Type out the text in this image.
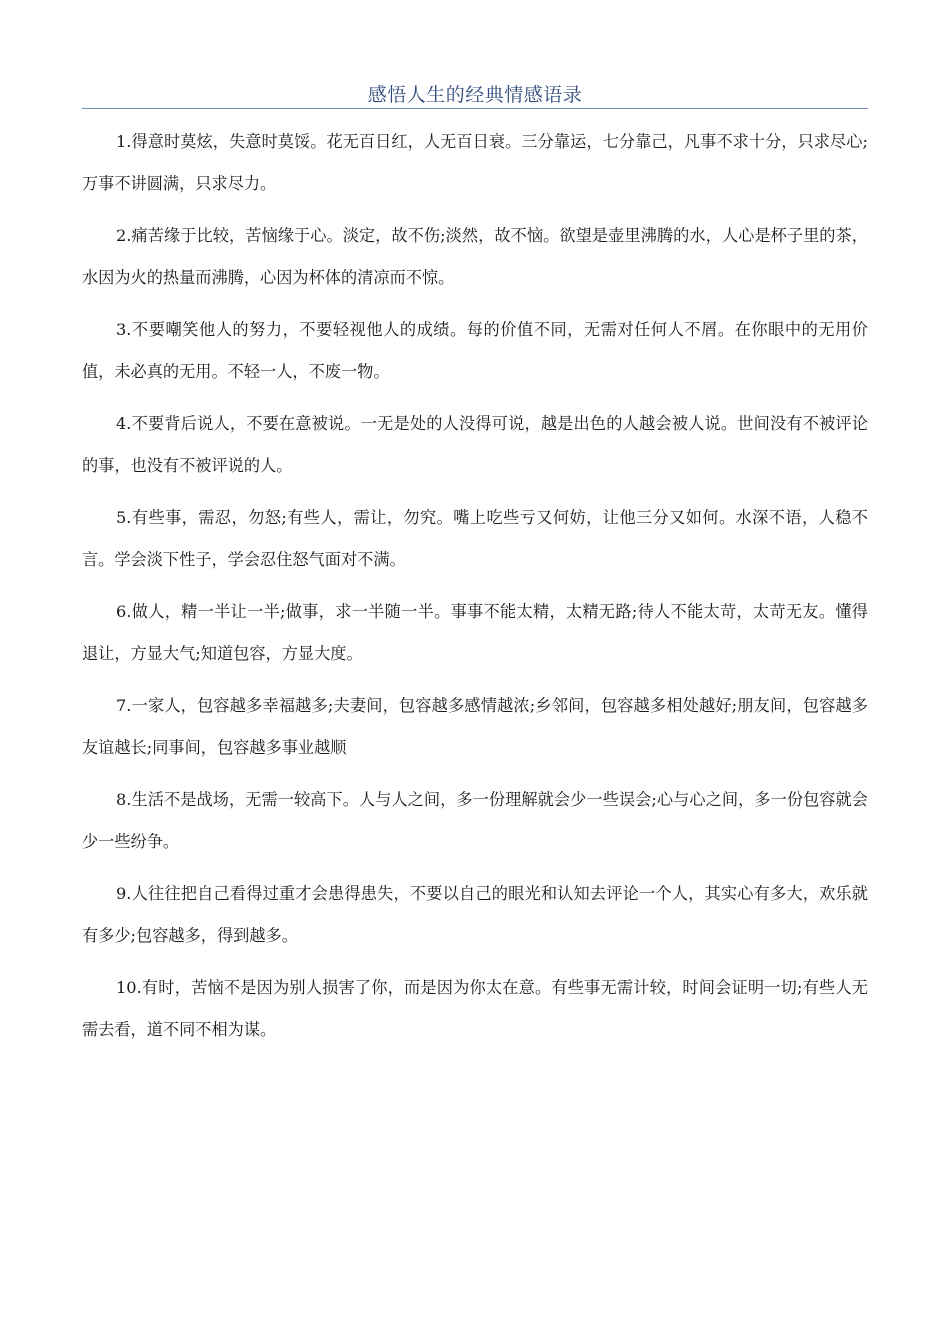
感悟人生的经典情感语录

1.得意时莫炫，失意时莫馁。花无百日红，人无百日衰。三分靠运，七分靠己，凡事不求十分，只求尽心;万事不讲圆满，只求尽力。

2.痛苦缘于比较，苦恼缘于心。淡定，故不伤;淡然，故不恼。欲望是壶里沸腾的水，人心是杯子里的茶，水因为火的热量而沸腾，心因为杯体的清凉而不惊。

3.不要嘲笑他人的努力，不要轻视他人的成绩。每的价值不同，无需对任何人不屑。在你眼中的无用价值，未必真的无用。不轻一人，不废一物。

4.不要背后说人，不要在意被说。一无是处的人没得可说，越是出色的人越会被人说。世间没有不被评论的事，也没有不被评说的人。

5.有些事，需忍，勿怒;有些人，需让，勿究。嘴上吃些亏又何妨，让他三分又如何。水深不语，人稳不言。学会淡下性子，学会忍住怒气面对不满。

6.做人，精一半让一半;做事，求一半随一半。事事不能太精，太精无路;待人不能太苛，太苛无友。懂得退让，方显大气;知道包容，方显大度。

7.一家人，包容越多幸福越多;夫妻间，包容越多感情越浓;乡邻间，包容越多相处越好;朋友间，包容越多友谊越长;同事间，包容越多事业越顺

8.生活不是战场，无需一较高下。人与人之间，多一份理解就会少一些误会;心与心之间，多一份包容就会少一些纷争。

9.人往往把自己看得过重才会患得患失，不要以自己的眼光和认知去评论一个人，其实心有多大，欢乐就有多少;包容越多，得到越多。

10.有时，苦恼不是因为别人损害了你，而是因为你太在意。有些事无需计较，时间会证明一切;有些人无需去看，道不同不相为谋。
